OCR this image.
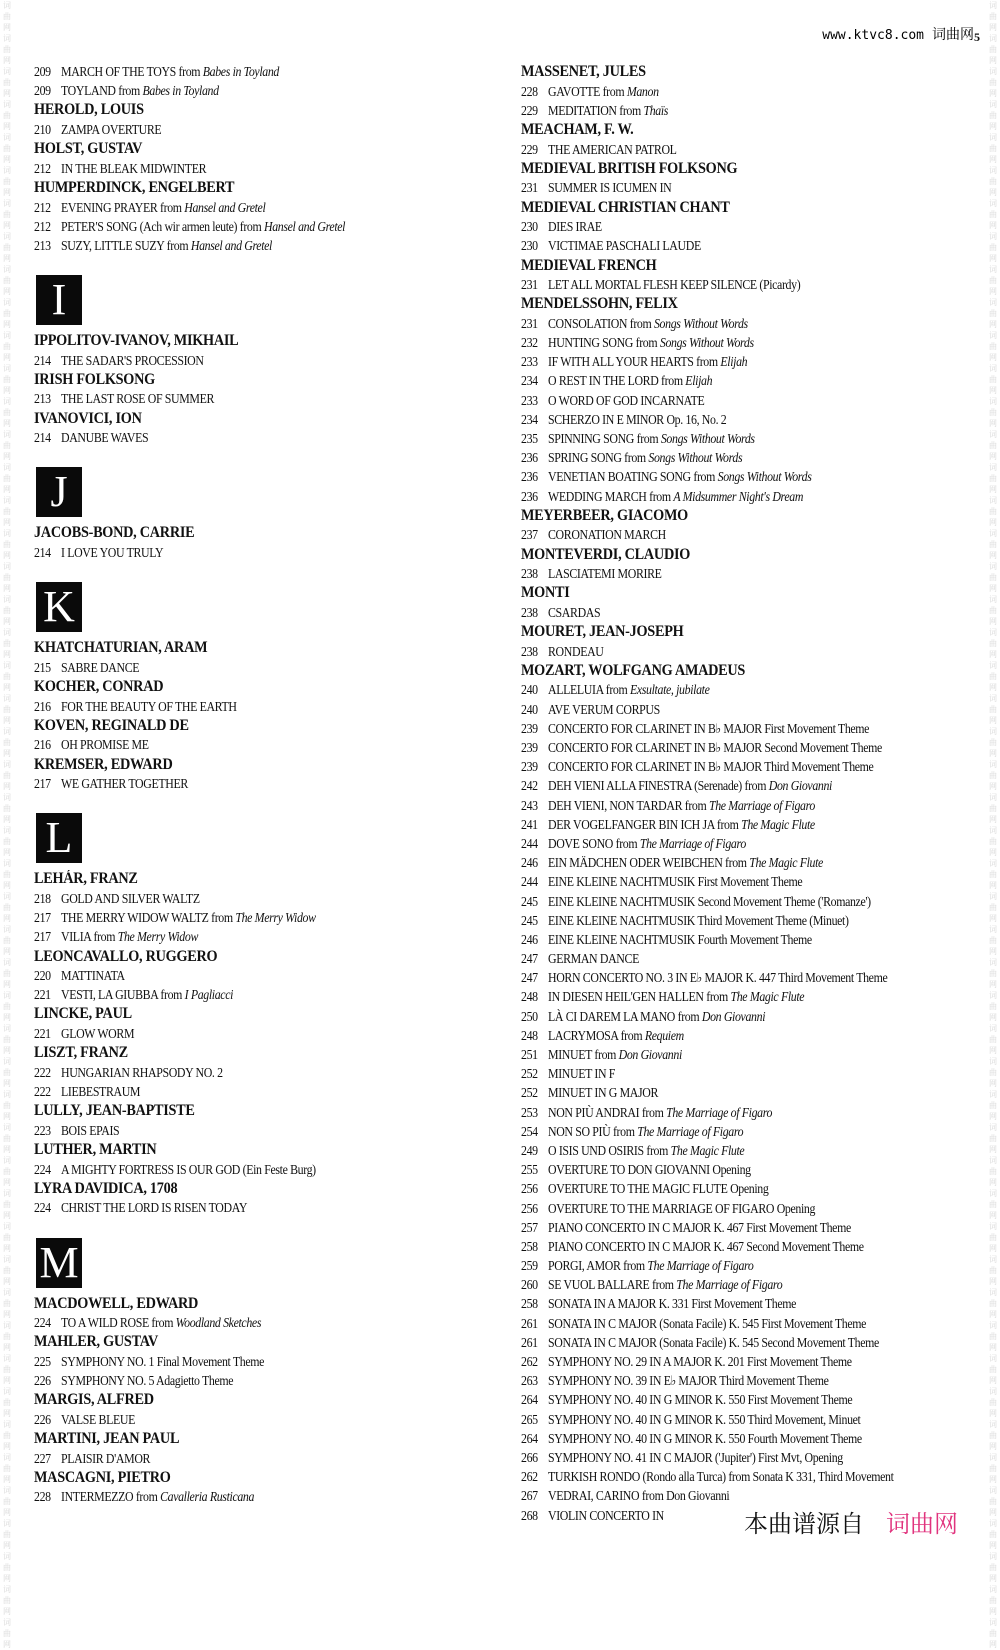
词
曲
网
词
曲
网
词
曲
网
词
曲
网
词
曲
网
词
曲
网
词
曲
网
词
曲
网
词
曲
网
词
曲
网
词
曲
网
词
曲
网
词
曲
网
词
曲
网
词
曲
网
词
曲
网
词
曲
网
词
曲
网
词
曲
网
词
曲
网
词
曲
网
词
曲
网
词
曲
网
词
曲
网
词
曲
网
词
曲
网
词
曲
网
词
曲
网
词
曲
网
词
曲
网
词
曲
网
词
曲
网
词
曲
网
词
曲
网
词
曲
网
词
曲
网
词
曲
网
词
曲
网
词
曲
网
词
曲
网
词
曲
网
词
曲
网
词
曲
网
词
曲
网
词
曲
网
词
曲
网
词
曲
网
词
曲
网
词
曲
网
词
曲
网
词
曲
网
词
曲
网
词
曲
网
词
曲
网
词
曲
网
词
曲
网
词
曲
网
词
曲
网
词
曲
网
词
曲
网
词
曲
网
词
曲
网
词
曲
网
词
曲
网
词
曲
网
词
曲
网
词
曲
网
词
曲
网
词
曲
网
词
曲
网
词
曲
网
词
曲
网
词
曲
网
词
曲
网
词
曲
网
词
曲
网
词
曲
网
词
曲
网
词
曲
网
词
曲
网
词
曲
网
词
曲
网
词
曲
网
词
曲
网
词
曲
网
词
曲
网
词
曲
网
词
曲
网
词
曲
网
词
曲
网
词
曲
网
词
曲
网
词
曲
网
词
曲
网
词
曲
网
词
曲
网
词
曲
网
词
曲
网
词
曲
网
词
曲
网
www.ktvc8.com 词曲网 5
209 MARCH OF THE TOYS from Babes in Toyland
209 TOYLAND from Babes in Toyland
HEROLD, LOUIS
210 ZAMPA OVERTURE
HOLST, GUSTAV
212 IN THE BLEAK MIDWINTER
HUMPERDINCK, ENGELBERT
212 EVENING PRAYER from Hansel and Gretel
212 PETER'S SONG (Ach wir armen leute) from Hansel and Gretel
213 SUZY, LITTLE SUZY from Hansel and Gretel
I
IPPOLITOV-IVANOV, MIKHAIL
214 THE SADAR'S PROCESSION
IRISH FOLKSONG
213 THE LAST ROSE OF SUMMER
IVANOVICI, ION
214 DANUBE WAVES
J
JACOBS-BOND, CARRIE
214 I LOVE YOU TRULY
K
KHATCHATURIAN, ARAM
215 SABRE DANCE
KOCHER, CONRAD
216 FOR THE BEAUTY OF THE EARTH
KOVEN, REGINALD DE
216 OH PROMISE ME
KREMSER, EDWARD
217 WE GATHER TOGETHER
L
LEHÁR, FRANZ
218 GOLD AND SILVER WALTZ
217 THE MERRY WIDOW WALTZ from The Merry Widow
217 VILIA from The Merry Widow
LEONCAVALLO, RUGGERO
220 MATTINATA
221 VESTI, LA GIUBBA from I Pagliacci
LINCKE, PAUL
221 GLOW WORM
LISZT, FRANZ
222 HUNGARIAN RHAPSODY NO. 2
222 LIEBESTRAUM
LULLY, JEAN-BAPTISTE
223 BOIS EPAIS
LUTHER, MARTIN
224 A MIGHTY FORTRESS IS OUR GOD (Ein Feste Burg)
LYRA DAVIDICA, 1708
224 CHRIST THE LORD IS RISEN TODAY
M
MACDOWELL, EDWARD
224 TO A WILD ROSE from Woodland Sketches
MAHLER, GUSTAV
225 SYMPHONY NO. 1 Final Movement Theme
226 SYMPHONY NO. 5 Adagietto Theme
MARGIS, ALFRED
226 VALSE BLEUE
MARTINI, JEAN PAUL
227 PLAISIR D'AMOR
MASCAGNI, PIETRO
228 INTERMEZZO from Cavalleria Rusticana
MASSENET, JULES
228 GAVOTTE from Manon
229 MEDITATION from Thaïs
MEACHAM, F. W.
229 THE AMERICAN PATROL
MEDIEVAL BRITISH FOLKSONG
231 SUMMER IS ICUMEN IN
MEDIEVAL CHRISTIAN CHANT
230 DIES IRAE
230 VICTIMAE PASCHALI LAUDE
MEDIEVAL FRENCH
231 LET ALL MORTAL FLESH KEEP SILENCE (Picardy)
MENDELSSOHN, FELIX
231 CONSOLATION from Songs Without Words
232 HUNTING SONG from Songs Without Words
233 IF WITH ALL YOUR HEARTS from Elijah
234 O REST IN THE LORD from Elijah
233 O WORD OF GOD INCARNATE
234 SCHERZO IN E MINOR Op. 16, No. 2
235 SPINNING SONG from Songs Without Words
236 SPRING SONG from Songs Without Words
236 VENETIAN BOATING SONG from Songs Without Words
236 WEDDING MARCH from A Midsummer Night's Dream
MEYERBEER, GIACOMO
237 CORONATION MARCH
MONTEVERDI, CLAUDIO
238 LASCIATEMI MORIRE
MONTI
238 CSARDAS
MOURET, JEAN-JOSEPH
238 RONDEAU
MOZART, WOLFGANG AMADEUS
240 ALLELUIA from Exsultate, jubilate
240 AVE VERUM CORPUS
239 CONCERTO FOR CLARINET IN B♭ MAJOR First Movement Theme
239 CONCERTO FOR CLARINET IN B♭ MAJOR Second Movement Theme
239 CONCERTO FOR CLARINET IN B♭ MAJOR Third Movement Theme
242 DEH VIENI ALLA FINESTRA (Serenade) from Don Giovanni
243 DEH VIENI, NON TARDAR from The Marriage of Figaro
241 DER VOGELFANGER BIN ICH JA from The Magic Flute
244 DOVE SONO from The Marriage of Figaro
246 EIN MÄDCHEN ODER WEIBCHEN from The Magic Flute
244 EINE KLEINE NACHTMUSIK First Movement Theme
245 EINE KLEINE NACHTMUSIK Second Movement Theme ('Romanze')
245 EINE KLEINE NACHTMUSIK Third Movement Theme (Minuet)
246 EINE KLEINE NACHTMUSIK Fourth Movement Theme
247 GERMAN DANCE
247 HORN CONCERTO NO. 3 IN E♭ MAJOR K. 447 Third Movement Theme
248 IN DIESEN HEIL'GEN HALLEN from The Magic Flute
250 LÀ CI DAREM LA MANO from Don Giovanni
248 LACRYMOSA from Requiem
251 MINUET from Don Giovanni
252 MINUET IN F
252 MINUET IN G MAJOR
253 NON PIÙ ANDRAI from The Marriage of Figaro
254 NON SO PIÙ from The Marriage of Figaro
249 O ISIS UND OSIRIS from The Magic Flute
255 OVERTURE TO DON GIOVANNI Opening
256 OVERTURE TO THE MAGIC FLUTE Opening
256 OVERTURE TO THE MARRIAGE OF FIGARO Opening
257 PIANO CONCERTO IN C MAJOR K. 467 First Movement Theme
258 PIANO CONCERTO IN C MAJOR K. 467 Second Movement Theme
259 PORGI, AMOR from The Marriage of Figaro
260 SE VUOL BALLARE from The Marriage of Figaro
258 SONATA IN A MAJOR K. 331 First Movement Theme
261 SONATA IN C MAJOR (Sonata Facile) K. 545 First Movement Theme
261 SONATA IN C MAJOR (Sonata Facile) K. 545 Second Movement Theme
262 SYMPHONY NO. 29 IN A MAJOR K. 201 First Movement Theme
263 SYMPHONY NO. 39 IN E♭ MAJOR Third Movement Theme
264 SYMPHONY NO. 40 IN G MINOR K. 550 First Movement Theme
265 SYMPHONY NO. 40 IN G MINOR K. 550 Third Movement, Minuet
264 SYMPHONY NO. 40 IN G MINOR K. 550 Fourth Movement Theme
266 SYMPHONY NO. 41 IN C MAJOR ('Jupiter') First Mvt, Opening
262 TURKISH RONDO (Rondo alla Turca) from Sonata K 331, Third Movement
267 VEDRAI, CARINO from Don Giovanni
268 VIOLIN CONCERTO IN	本曲谱源自 词曲网
